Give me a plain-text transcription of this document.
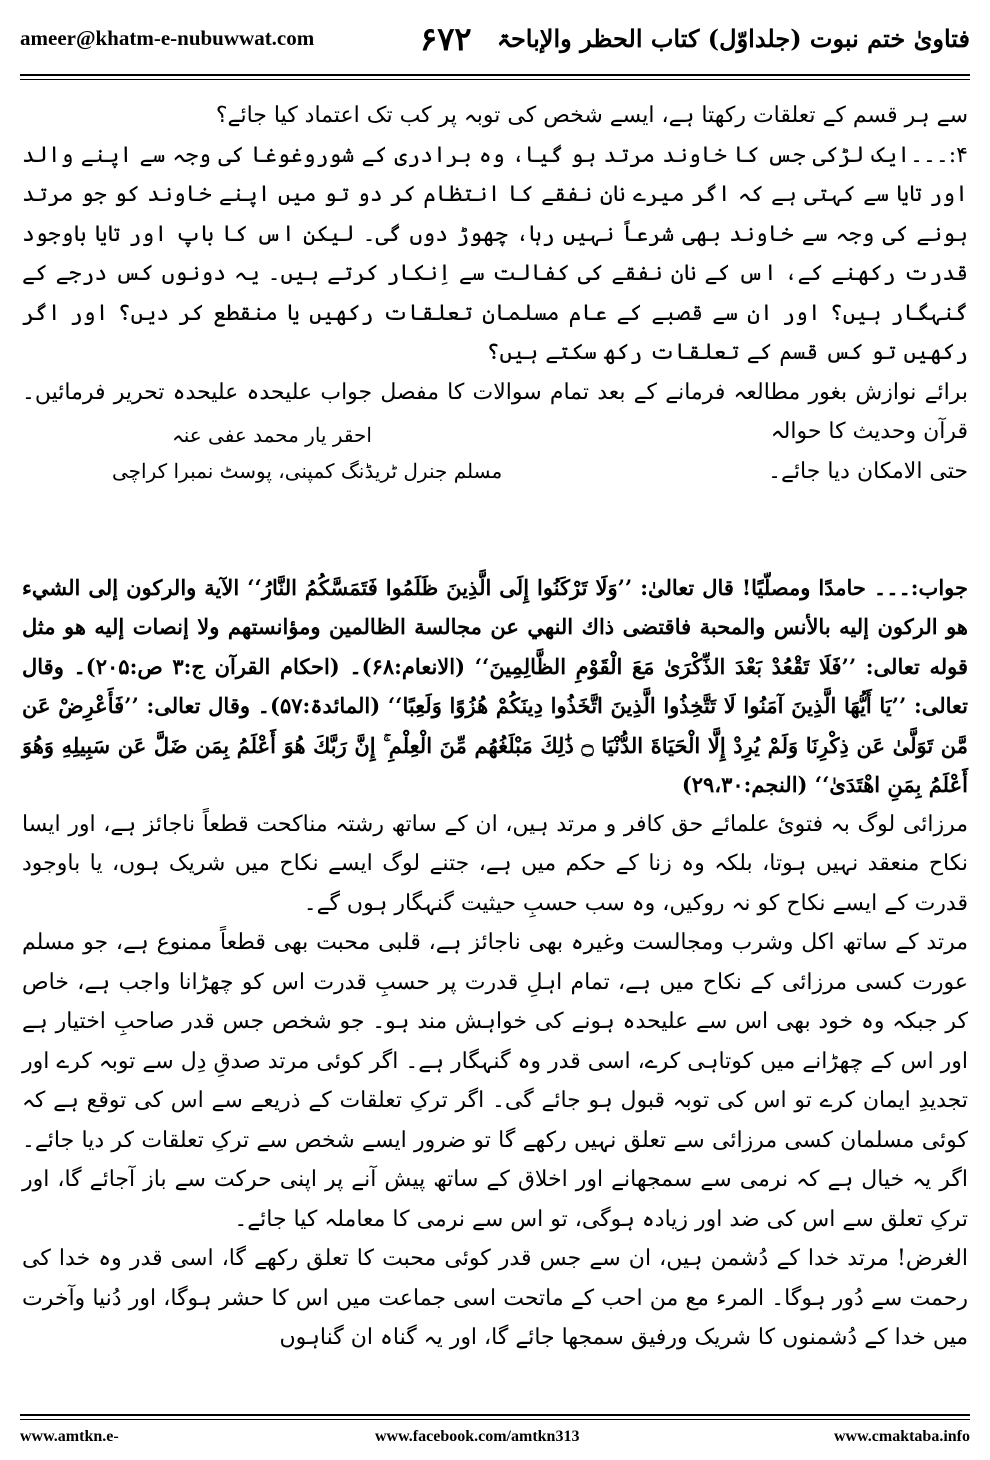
ameer@khatm-e-nubuwwat.com	۶۷۲ فتاویٰ ختم نبوت (جلداوّل) کتاب الحظر والإباحۃ

سے ہر قسم کے تعلقات رکھتا ہے، ایسے شخص کی توبہ پر کب تک اعتماد کیا جائے؟

۴:۔۔۔ایک لڑکی جس کا خاوند مرتد ہو گیا، وہ برادری کے شوروغوغا کی وجہ سے اپنے والد اور تایا سے کہتی ہے کہ اگر میرے نان نفقے کا انتظام کر دو تو میں اپنے خاوند کو جو مرتد ہونے کی وجہ سے خاوند بھی شرعاً نہیں رہا، چھوڑ دوں گی۔ لیکن اس کا باپ اور تایا باوجود قدرت رکھنے کے، اس کے نان نفقے کی کفالت سے اِنکار کرتے ہیں۔ یہ دونوں کس درجے کے گنہگار ہیں؟ اور ان سے قصبے کے عام مسلمان تعلقات رکھیں یا منقطع کر دیں؟ اور اگر رکھیں تو کس قسم کے تعلقات رکھ سکتے ہیں؟

برائے نوازش بغور مطالعہ فرمانے کے بعد تمام سوالات کا مفصل جواب علیحدہ علیحدہ تحریر فرمائیں۔ قرآن وحدیث کا حوالہ

حتی الامکان دیا جائے۔
احقر یار محمد عفی عنہ
مسلم جنرل ٹریڈنگ کمپنی، پوسٹ نمبرا کراچی

جواب:۔۔۔ حامدًا ومصلّیًا! قال تعالیٰ: ’’وَلَا تَرْكَنُوا إِلَى الَّذِينَ ظَلَمُوا فَتَمَسَّكُمُ النَّارُ‘‘ الآية والركون إلى الشيء هو الركون إليه بالأنس والمحبة فاقتضى ذاك النهي عن مجالسة الظالمين ومؤانستهم ولا إنصات إليه هو مثل قوله تعالى: ’’فَلَا تَقْعُدْ بَعْدَ الذِّكْرَىٰ مَعَ الْقَوْمِ الظَّالِمِينَ‘‘ (الانعام:۶۸)۔ (احکام القرآن ج:۳ ص:۲۰۵)۔ وقال تعالى: ’’يَا أَيُّهَا الَّذِينَ آمَنُوا لَا تَتَّخِذُوا الَّذِينَ اتَّخَذُوا دِينَكُمْ هُزُوًا وَلَعِبًا‘‘ (المائدۃ:۵۷)۔ وقال تعالى: ’’فَأَعْرِضْ عَن مَّن تَوَلَّىٰ عَن ذِكْرِنَا وَلَمْ يُرِدْ إِلَّا الْحَيَاةَ الدُّنْيَا ۝ ذَٰلِكَ مَبْلَغُهُم مِّنَ الْعِلْمِ ۚ إِنَّ رَبَّكَ هُوَ أَعْلَمُ بِمَن ضَلَّ عَن سَبِيلِهِ وَهُوَ أَعْلَمُ بِمَنِ اهْتَدَىٰ‘‘ (النجم:۲۹،۳۰)

مرزائی لوگ بہ فتویٔ علمائے حق کافر و مرتد ہیں، ان کے ساتھ رشتہ مناکحت قطعاً ناجائز ہے، اور ایسا نکاح منعقد نہیں ہوتا، بلکہ وہ زنا کے حکم میں ہے، جتنے لوگ ایسے نکاح میں شریک ہوں، یا باوجود قدرت کے ایسے نکاح کو نہ روکیں، وہ سب حسبِ حیثیت گنہگار ہوں گے۔

مرتد کے ساتھ اکل وشرب ومجالست وغیرہ بھی ناجائز ہے، قلبی محبت بھی قطعاً ممنوع ہے، جو مسلم عورت کسی مرزائی کے نکاح میں ہے، تمام اہلِ قدرت پر حسبِ قدرت اس کو چھڑانا واجب ہے، خاص کر جبکہ وہ خود بھی اس سے علیحدہ ہونے کی خواہش مند ہو۔ جو شخص جس قدر صاحبِ اختیار ہے اور اس کے چھڑانے میں کوتاہی کرے، اسی قدر وہ گنہگار ہے۔ اگر کوئی مرتد صدقِ دِل سے توبہ کرے اور تجدیدِ ایمان کرے تو اس کی توبہ قبول ہو جائے گی۔ اگر ترکِ تعلقات کے ذریعے سے اس کی توقع ہے کہ کوئی مسلمان کسی مرزائی سے تعلق نہیں رکھے گا تو ضرور ایسے شخص سے ترکِ تعلقات کر دیا جائے۔ اگر یہ خیال ہے کہ نرمی سے سمجھانے اور اخلاق کے ساتھ پیش آنے پر اپنی حرکت سے باز آجائے گا، اور ترکِ تعلق سے اس کی ضد اور زیادہ ہوگی، تو اس سے نرمی کا معاملہ کیا جائے۔

الغرض! مرتد خدا کے دُشمن ہیں، ان سے جس قدر کوئی محبت کا تعلق رکھے گا، اسی قدر وہ خدا کی رحمت سے دُور ہوگا۔ المرء مع من احب کے ماتحت اسی جماعت میں اس کا حشر ہوگا، اور دُنیا وآخرت میں خدا کے دُشمنوں کا شریک ورفیق سمجھا جائے گا، اور یہ گناہ ان گناہوں

www.amtkn.e-	www.facebook.com/amtkn313	www.cmaktaba.info
